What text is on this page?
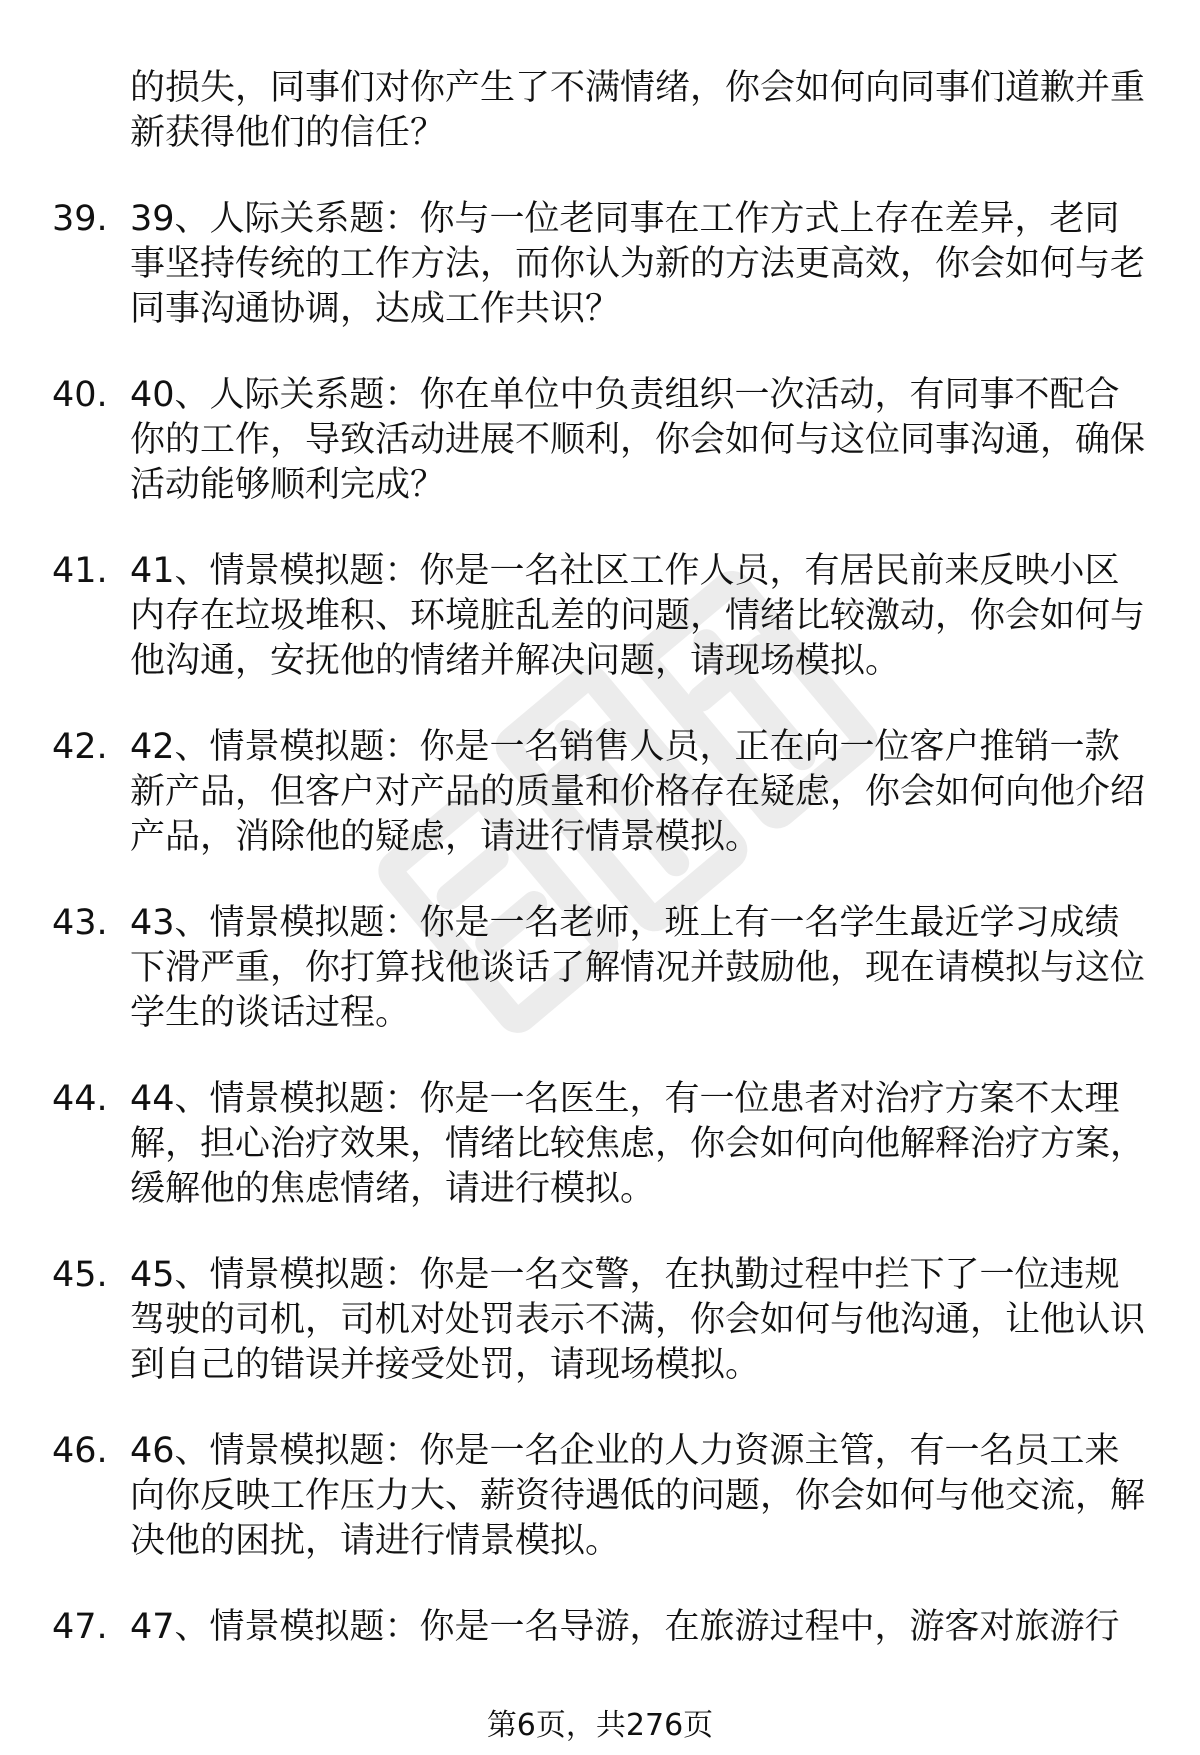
的损失，同事们对你产生了不满情绪，你会如何向同事们道歉并重新获得他们的信任？
39. 39、人际关系题：你与一位老同事在工作方式上存在差异，老同事坚持传统的工作方法，而你认为新的方法更高效，你会如何与老同事沟通协调，达成工作共识？
40. 40、人际关系题：你在单位中负责组织一次活动，有同事不配合你的工作，导致活动进展不顺利，你会如何与这位同事沟通，确保活动能够顺利完成？
41. 41、情景模拟题：你是一名社区工作人员，有居民前来反映小区内存在垃圾堆积、环境脏乱差的问题，情绪比较激动，你会如何与他沟通，安抚他的情绪并解决问题，请现场模拟。
42. 42、情景模拟题：你是一名销售人员，正在向一位客户推销一款新产品，但客户对产品的质量和价格存在疑虑，你会如何向他介绍产品，消除他的疑虑，请进行情景模拟。
43. 43、情景模拟题：你是一名老师，班上有一名学生最近学习成绩下滑严重，你打算找他谈话了解情况并鼓励他，现在请模拟与这位学生的谈话过程。
44. 44、情景模拟题：你是一名医生，有一位患者对治疗方案不太理解，担心治疗效果，情绪比较焦虑，你会如何向他解释治疗方案，缓解他的焦虑情绪，请进行模拟。
45. 45、情景模拟题：你是一名交警，在执勤过程中拦下了一位违规驾驶的司机，司机对处罚表示不满，你会如何与他沟通，让他认识到自己的错误并接受处罚，请现场模拟。
46. 46、情景模拟题：你是一名企业的人力资源主管，有一名员工来向你反映工作压力大、薪资待遇低的问题，你会如何与他交流，解决他的困扰，请进行情景模拟。
47. 47、情景模拟题：你是一名导游，在旅游过程中，游客对旅游行
第6页，共276页
